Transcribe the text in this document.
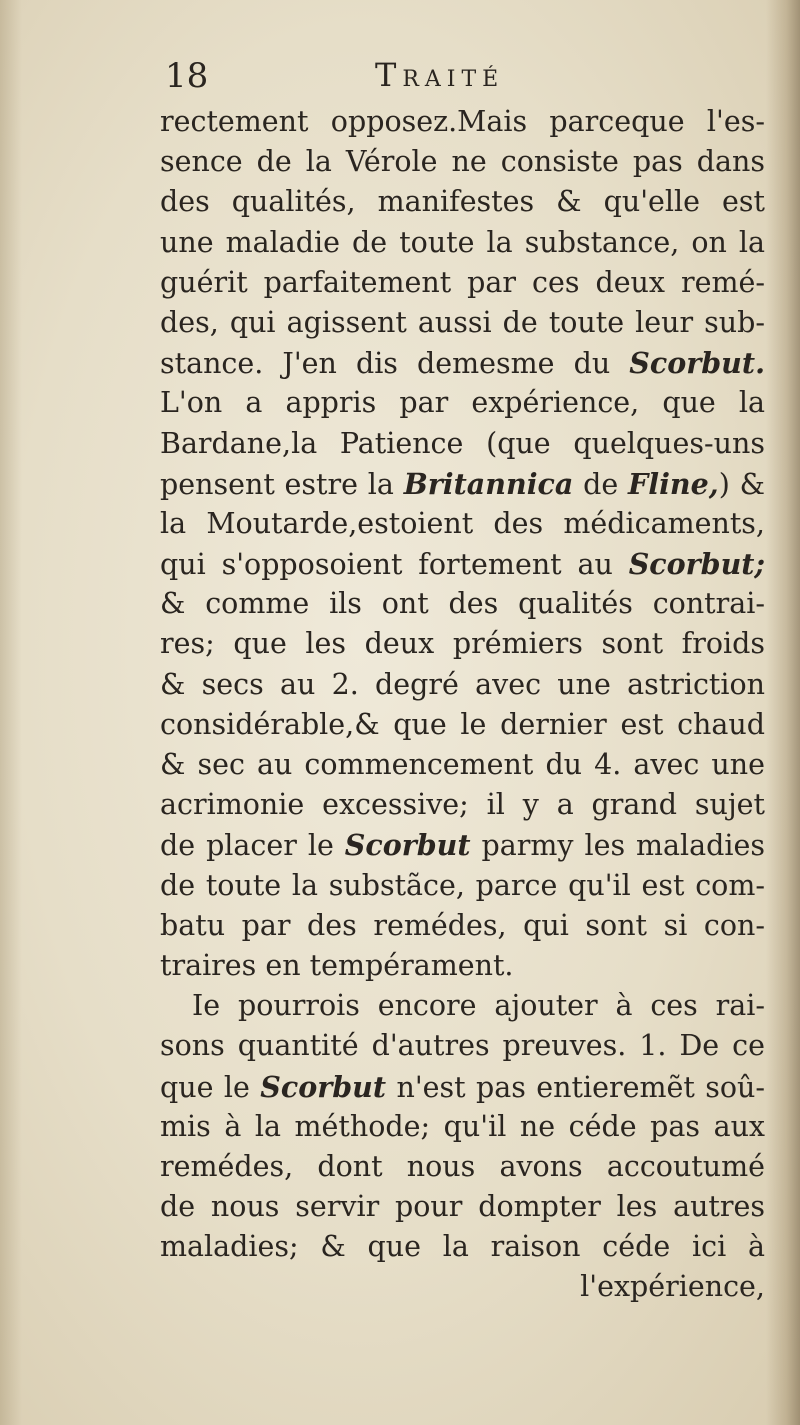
18	Traité
rectement opposez.Mais parceque l'es-
sence de la Vérole ne consiste pas dans
des qualités, manifestes & qu'elle est
une maladie de toute la substance, on la
guérit parfaitement par ces deux remé-
des, qui agissent aussi de toute leur sub-
stance. J'en dis demesme du Scorbut.
L'on a appris par expérience, que la
Bardane,la Patience (que quelques-uns
pensent estre la Britannica de Fline,) &
la Moutarde,estoient des médicaments,
qui s'opposoient fortement au Scorbut;
& comme ils ont des qualités contrai-
res; que les deux prémiers sont froids
& secs au 2. degré avec une astriction
considérable,& que le dernier est chaud
& sec au commencement du 4. avec une
acrimonie excessive; il y a grand sujet
de placer le Scorbut parmy les maladies
de toute la substãce, parce qu'il est com-
batu par des remédes, qui sont si con-
traires en tempérament.
Ie pourrois encore ajouter à ces rai-
sons quantité d'autres preuves. 1. De ce
que le Scorbut n'est pas entieremẽt soû-
mis à la méthode; qu'il ne céde pas aux
remédes, dont nous avons accoutumé
de nous servir pour dompter les autres
maladies; & que la raison céde ici à
l'expérience,
